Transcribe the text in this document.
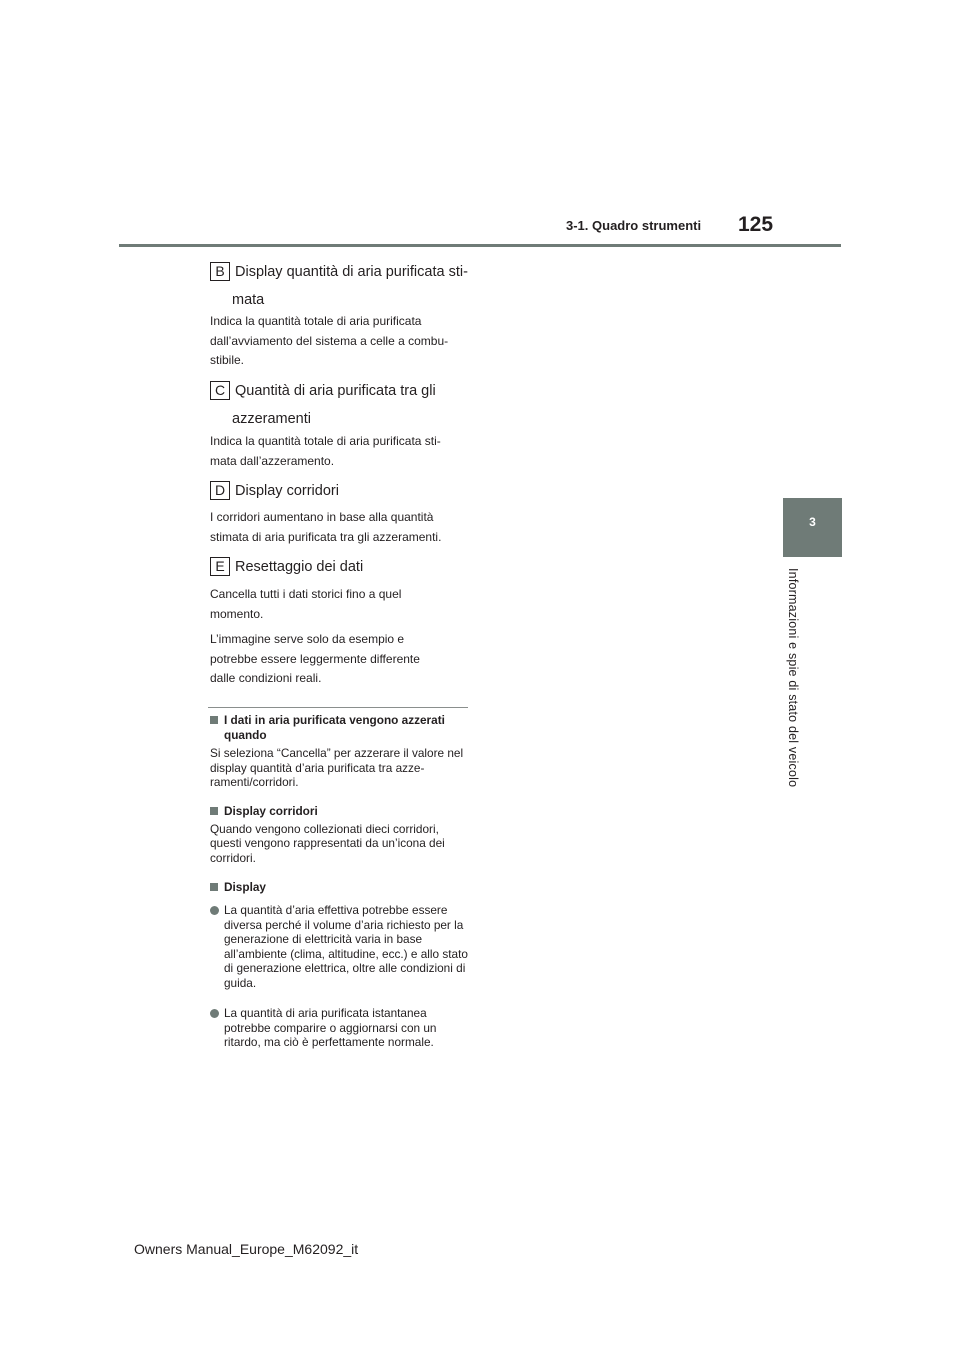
3-1. Quadro strumenti 125
3
Informazioni e spie di stato del veicolo
B Display quantità di aria purificata sti-
mata
Indica la quantità totale di aria purificata
dall’avviamento del sistema a celle a combu-
stibile.
C Quantità di aria purificata tra gli
azzeramenti
Indica la quantità totale di aria purificata sti-
mata dall’azzeramento.
D Display corridori
I corridori aumentano in base alla quantità
stimata di aria purificata tra gli azzeramenti.
E Resettaggio dei dati
Cancella tutti i dati storici fino a quel
momento.
L’immagine serve solo da esempio e
potrebbe essere leggermente differente
dalle condizioni reali.
I dati in aria purificata vengono azzerati quando
Si seleziona “Cancella” per azzerare il valore nel display quantità d’aria purificata tra azze-ramenti/corridori.
Display corridori
Quando vengono collezionati dieci corridori, questi vengono rappresentati da un’icona dei corridori.
Display
La quantità d’aria effettiva potrebbe essere diversa perché il volume d’aria richiesto per la generazione di elettricità varia in base all’ambiente (clima, altitudine, ecc.) e allo stato di generazione elettrica, oltre alle condizioni di guida.
La quantità di aria purificata istantanea potrebbe comparire o aggiornarsi con un ritardo, ma ciò è perfettamente normale.
Owners Manual_Europe_M62092_it
